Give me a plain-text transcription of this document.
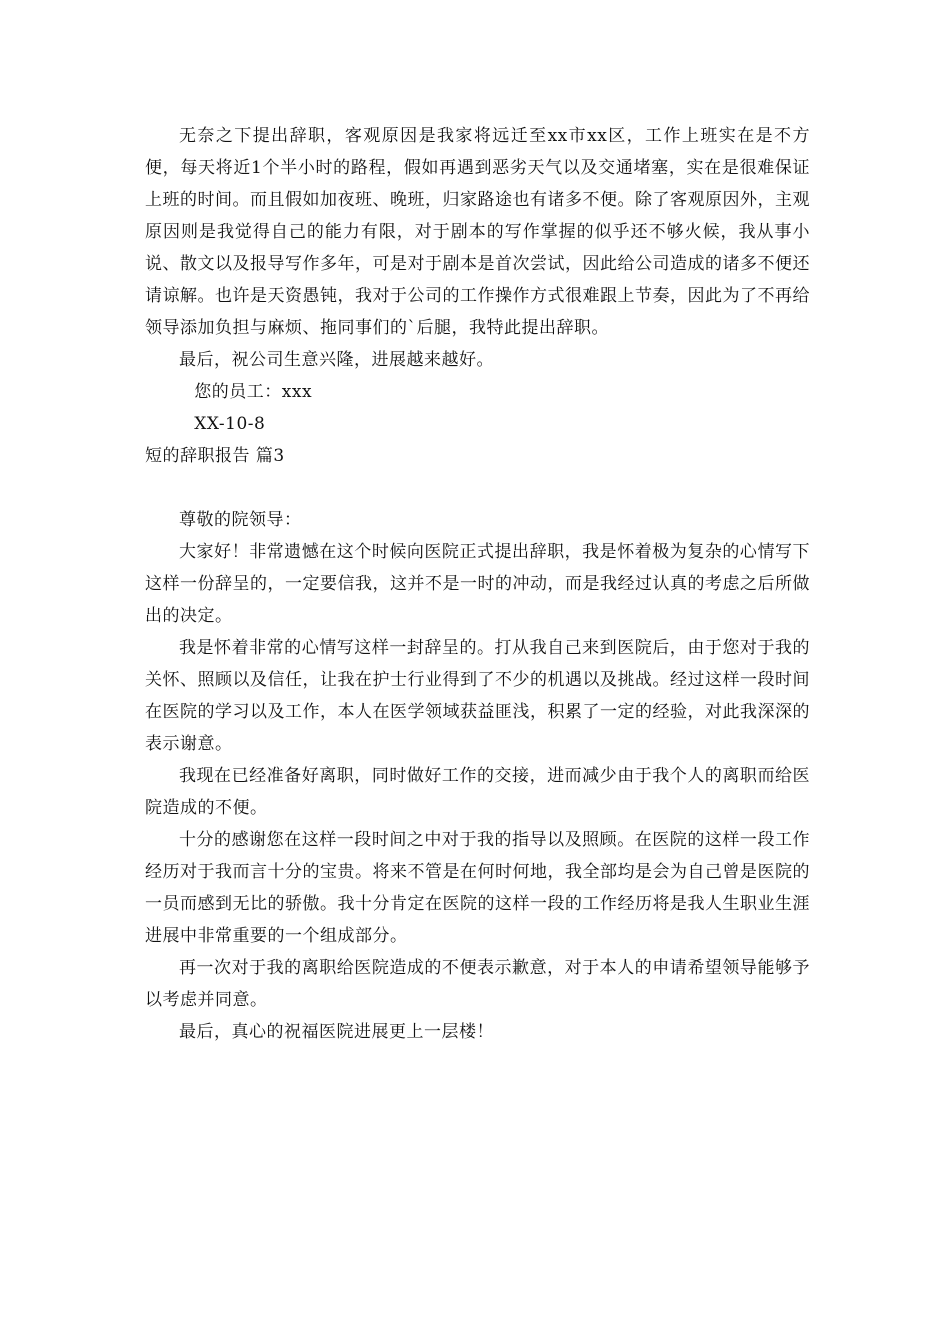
无奈之下提出辞职，客观原因是我家将远迁至xx市xx区，工作上班实在是不方便，每天将近1个半小时的路程，假如再遇到恶劣天气以及交通堵塞，实在是很难保证上班的时间。而且假如加夜班、晚班，归家路途也有诸多不便。除了客观原因外，主观原因则是我觉得自己的能力有限，对于剧本的写作掌握的似乎还不够火候，我从事小说、散文以及报导写作多年，可是对于剧本是首次尝试，因此给公司造成的诸多不便还请谅解。也许是天资愚钝，我对于公司的工作操作方式很难跟上节奏，因此为了不再给领导添加负担与麻烦、拖同事们的`后腿，我特此提出辞职。

最后，祝公司生意兴隆，进展越来越好。

您的员工：xxx

XX-10-8

短的辞职报告 篇3

尊敬的院领导：

大家好！非常遗憾在这个时候向医院正式提出辞职，我是怀着极为复杂的心情写下这样一份辞呈的，一定要信我，这并不是一时的冲动，而是我经过认真的考虑之后所做出的决定。

我是怀着非常的心情写这样一封辞呈的。打从我自己来到医院后，由于您对于我的关怀、照顾以及信任，让我在护士行业得到了不少的机遇以及挑战。经过这样一段时间在医院的学习以及工作，本人在医学领域获益匪浅，积累了一定的经验，对此我深深的表示谢意。

我现在已经准备好离职，同时做好工作的交接，进而减少由于我个人的离职而给医院造成的不便。

十分的感谢您在这样一段时间之中对于我的指导以及照顾。在医院的这样一段工作经历对于我而言十分的宝贵。将来不管是在何时何地，我全部均是会为自己曾是医院的一员而感到无比的骄傲。我十分肯定在医院的这样一段的工作经历将是我人生职业生涯进展中非常重要的一个组成部分。

再一次对于我的离职给医院造成的不便表示歉意，对于本人的申请希望领导能够予以考虑并同意。

最后，真心的祝福医院进展更上一层楼！
